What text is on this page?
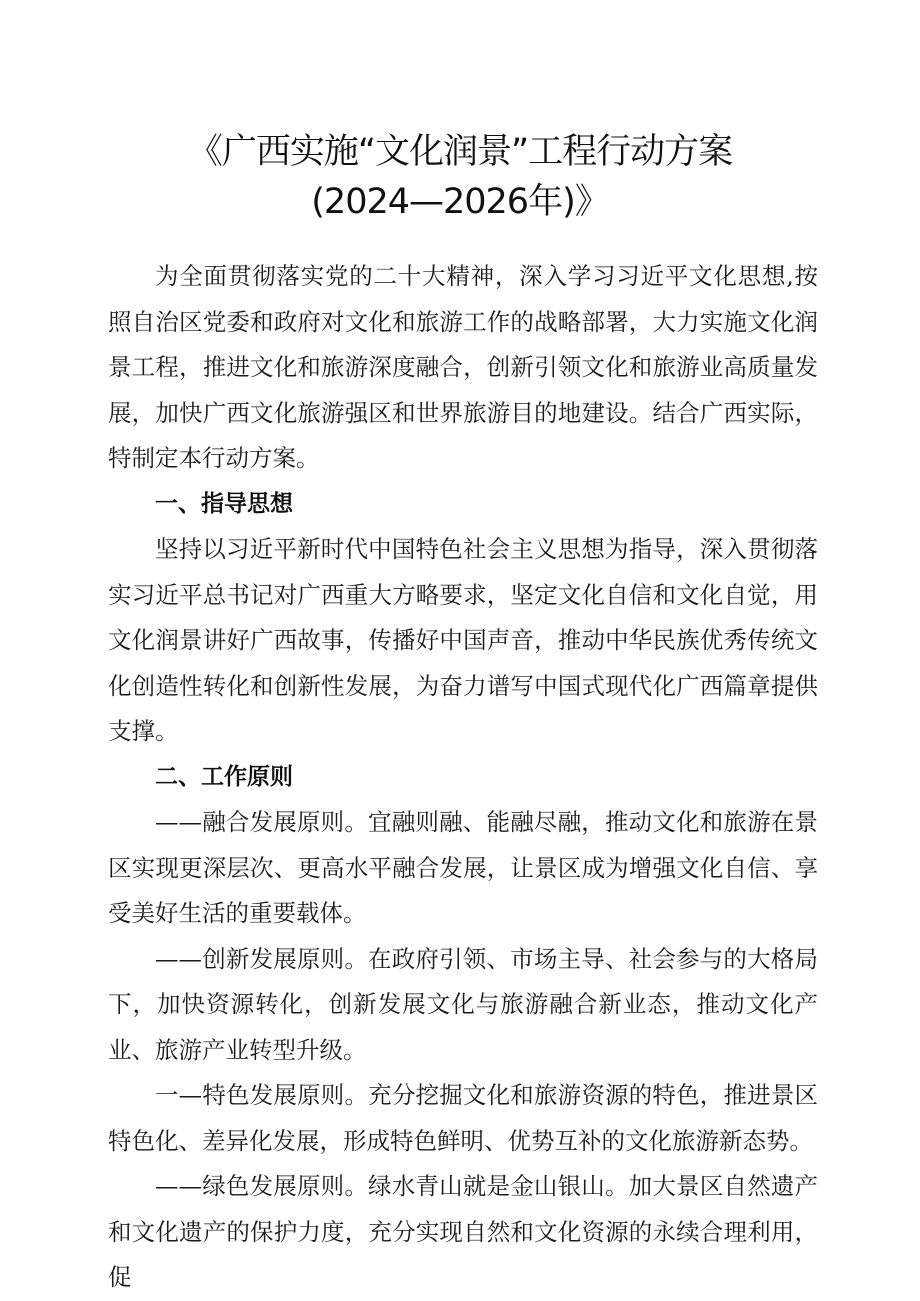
《广西实施“文化润景”工程行动方案
(2024—2026年)》

为全面贯彻落实党的二十大精神，深入学习习近平文化思想,按照自治区党委和政府对文化和旅游工作的战略部署，大力实施文化润景工程，推进文化和旅游深度融合，创新引领文化和旅游业高质量发展，加快广西文化旅游强区和世界旅游目的地建设。结合广西实际，特制定本行动方案。

一、指导思想

坚持以习近平新时代中国特色社会主义思想为指导，深入贯彻落实习近平总书记对广西重大方略要求，坚定文化自信和文化自觉，用文化润景讲好广西故事，传播好中国声音，推动中华民族优秀传统文化创造性转化和创新性发展，为奋力谱写中国式现代化广西篇章提供支撑。

二、工作原则

——融合发展原则。宜融则融、能融尽融，推动文化和旅游在景区实现更深层次、更高水平融合发展，让景区成为增强文化自信、享受美好生活的重要载体。

——创新发展原则。在政府引领、市场主导、社会参与的大格局下，加快资源转化，创新发展文化与旅游融合新业态，推动文化产业、旅游产业转型升级。

一—特色发展原则。充分挖掘文化和旅游资源的特色，推进景区特色化、差异化发展，形成特色鲜明、优势互补的文化旅游新态势。

——绿色发展原则。绿水青山就是金山银山。加大景区自然遗产和文化遗产的保护力度，充分实现自然和文化资源的永续合理利用，促
